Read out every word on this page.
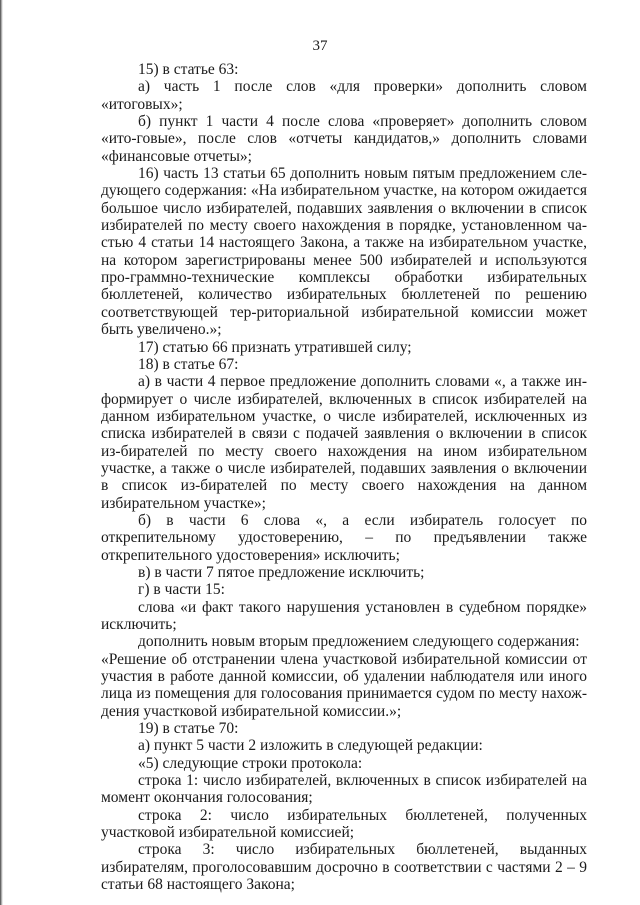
37

15) в статье 63:

а) часть 1 после слов «для проверки» дополнить словом «итоговых»;

б) пункт 1 части 4 после слова «проверяет» дополнить словом «ито-говые», после слов «отчеты кандидатов,» дополнить словами «финансовые отчеты»;

16) часть 13 статьи 65 дополнить новым пятым предложением сле-дующего содержания: «На избирательном участке, на котором ожидается большое число избирателей, подавших заявления о включении в список избирателей по месту своего нахождения в порядке, установленном ча-стью 4 статьи 14 настоящего Закона, а также на избирательном участке, на котором зарегистрированы менее 500 избирателей и используются про-граммно-технические комплексы обработки избирательных бюллетеней, количество избирательных бюллетеней по решению соответствующей тер-риториальной избирательной комиссии может быть увеличено.»;

17) статью 66 признать утратившей силу;

18) в статье 67:

а) в части 4 первое предложение дополнить словами «, а также ин-формирует о числе избирателей, включенных в список избирателей на данном избирательном участке, о числе избирателей, исключенных из списка избирателей в связи с подачей заявления о включении в список из-бирателей по месту своего нахождения на ином избирательном участке, а также о числе избирателей, подавших заявления о включении в список из-бирателей по месту своего нахождения на данном избирательном участке»;

б) в части 6 слова «, а если избиратель голосует по открепительному удостоверению, – по предъявлении также открепительного удостоверения» исключить;

в) в части 7 пятое предложение исключить;

г) в части 15:

слова «и факт такого нарушения установлен в судебном порядке» исключить;

дополнить новым вторым предложением следующего содержания:

«Решение об отстранении члена участковой избирательной комиссии от участия в работе данной комиссии, об удалении наблюдателя или иного лица из помещения для голосования принимается судом по месту нахож-дения участковой избирательной комиссии.»;

19) в статье 70:

а) пункт 5 части 2 изложить в следующей редакции:

«5) следующие строки протокола:

строка 1: число избирателей, включенных в список избирателей на момент окончания голосования;

строка 2: число избирательных бюллетеней, полученных участковой избирательной комиссией;

строка 3: число избирательных бюллетеней, выданных избирателям, проголосовавшим досрочно в соответствии с частями 2 – 9 статьи 68 настоящего Закона;
